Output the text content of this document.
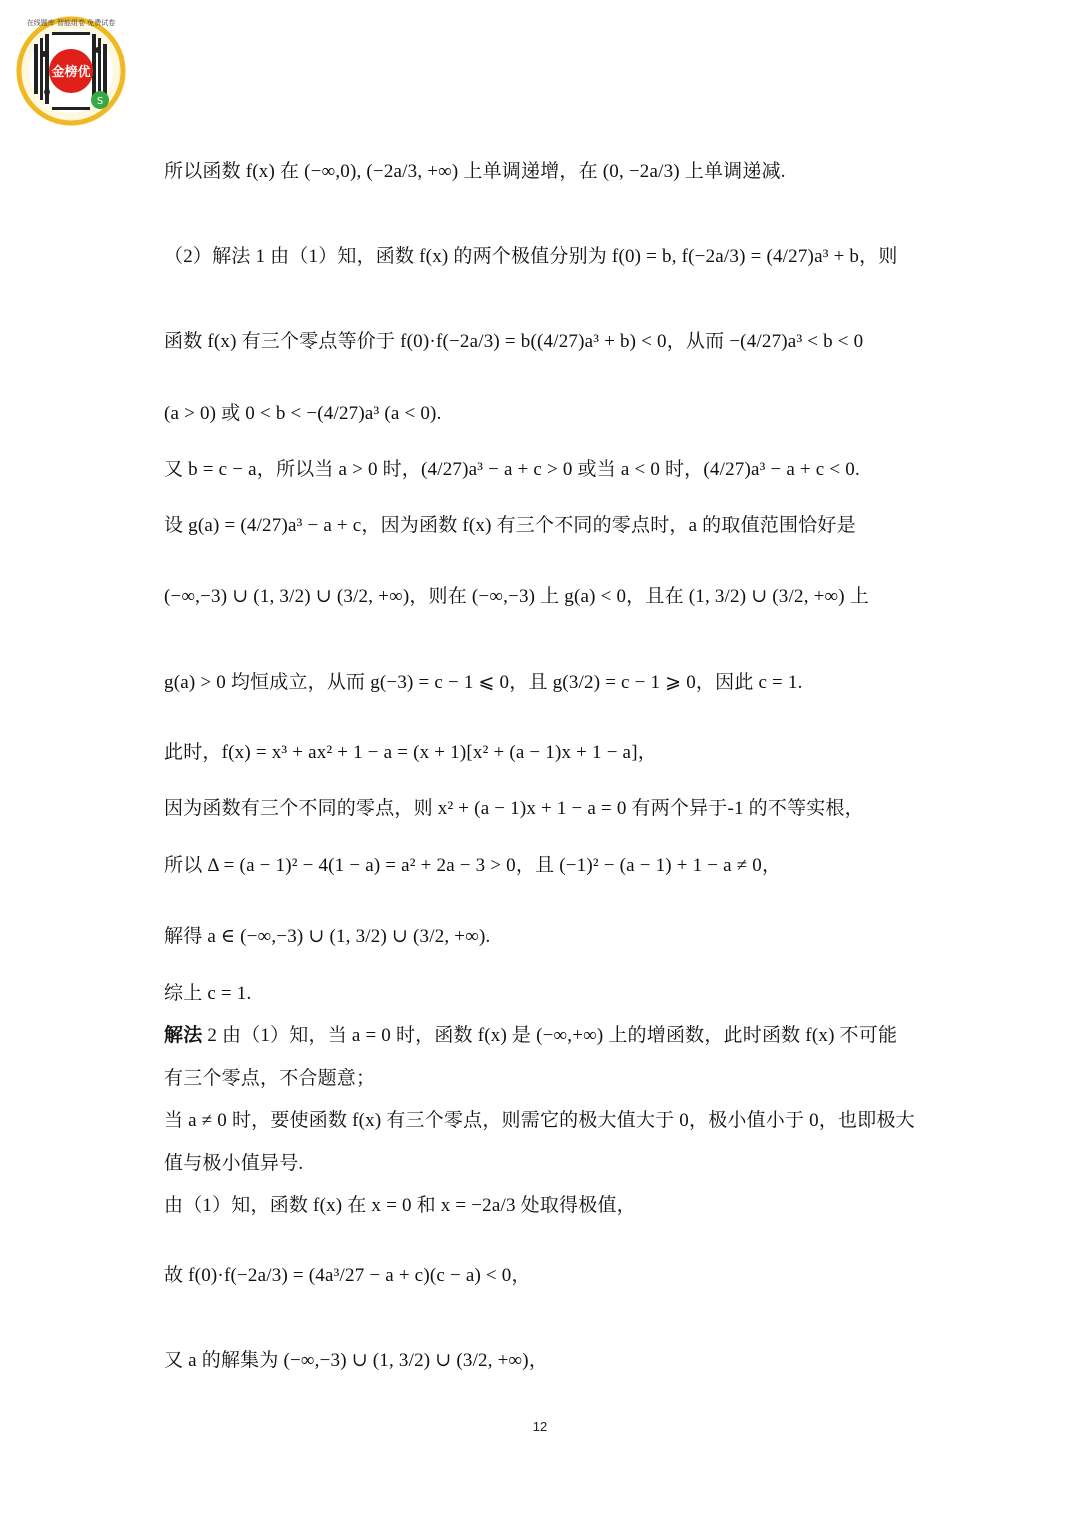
金榜优
S
在线题库 智能组卷 免费试卷
所以函数 f(x) 在 (−∞,0), (−2a/3, +∞) 上单调递增，在 (0, −2a/3) 上单调递减.
（2）解法 1 由（1）知，函数 f(x) 的两个极值分别为 f(0) = b, f(−2a/3) = (4/27)a³ + b，则
函数 f(x) 有三个零点等价于 f(0)·f(−2a/3) = b((4/27)a³ + b) < 0，从而 −(4/27)a³ < b < 0
(a > 0) 或 0 < b < −(4/27)a³ (a < 0).
又 b = c − a，所以当 a > 0 时，(4/27)a³ − a + c > 0 或当 a < 0 时，(4/27)a³ − a + c < 0.
设 g(a) = (4/27)a³ − a + c，因为函数 f(x) 有三个不同的零点时，a 的取值范围恰好是
(−∞,−3) ∪ (1, 3/2) ∪ (3/2, +∞)，则在 (−∞,−3) 上 g(a) < 0，且在 (1, 3/2) ∪ (3/2, +∞) 上
g(a) > 0 均恒成立，从而 g(−3) = c − 1 ⩽ 0，且 g(3/2) = c − 1 ⩾ 0，因此 c = 1.
此时，f(x) = x³ + ax² + 1 − a = (x + 1)[x² + (a − 1)x + 1 − a]，
因为函数有三个不同的零点，则 x² + (a − 1)x + 1 − a = 0 有两个异于-1 的不等实根，
所以 Δ = (a − 1)² − 4(1 − a) = a² + 2a − 3 > 0，且 (−1)² − (a − 1) + 1 − a ≠ 0，
解得 a ∈ (−∞,−3) ∪ (1, 3/2) ∪ (3/2, +∞).
综上 c = 1.
解法 2 由（1）知，当 a = 0 时，函数 f(x) 是 (−∞,+∞) 上的增函数，此时函数 f(x) 不可能
有三个零点，不合题意；
当 a ≠ 0 时，要使函数 f(x) 有三个零点，则需它的极大值大于 0，极小值小于 0，也即极大
值与极小值异号.
由（1）知，函数 f(x) 在 x = 0 和 x = −2a/3 处取得极值，
故 f(0)·f(−2a/3) = (4a³/27 − a + c)(c − a) < 0，
又 a 的解集为 (−∞,−3) ∪ (1, 3/2) ∪ (3/2, +∞)，
12
